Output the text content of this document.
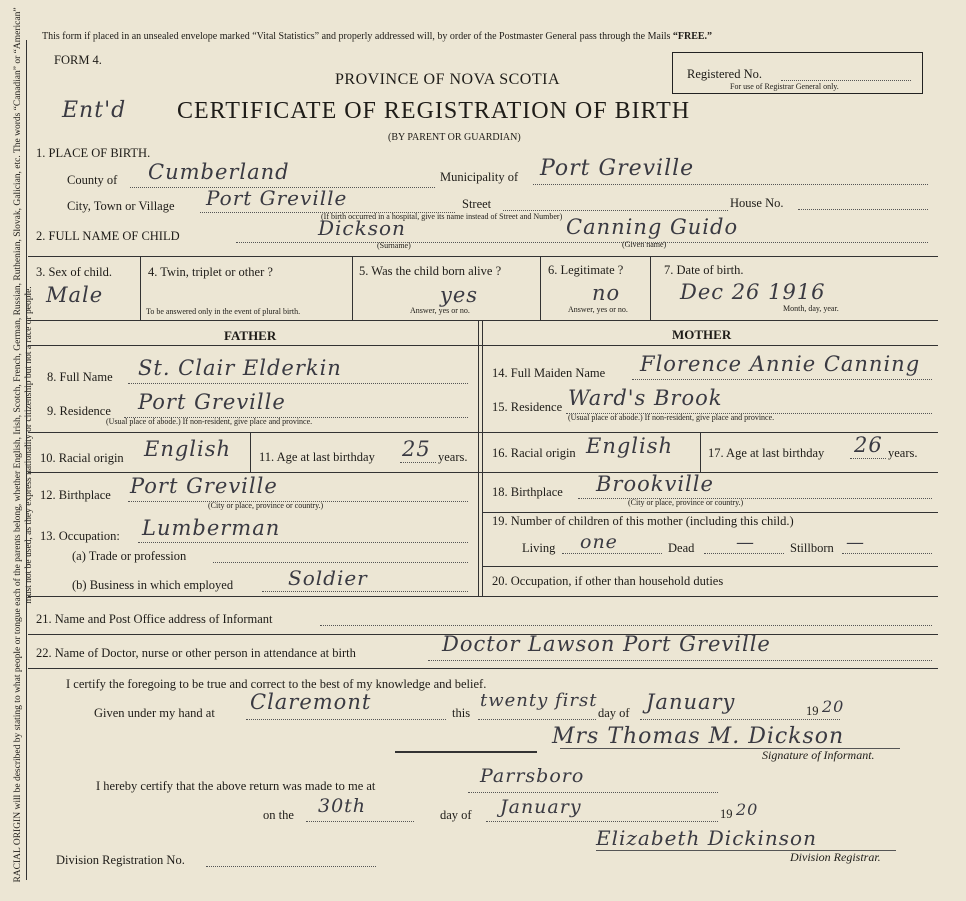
RACIAL ORIGIN will be described by stating to what people or tongue each of the parents belong, whether English, Irish, Scotch, French, German, Russian, Ruthenian, Slovak, Galician, etc. The words “Canadian” or “American” must not be used, as they express nationality or citizenship but not a race or people.
This form if placed in an unsealed envelope marked “Vital Statistics” and properly addressed will, by order of the Postmaster General pass through the Mails “FREE.”
FORM 4.
PROVINCE OF NOVA SCOTIA
Ent'd CERTIFICATE OF REGISTRATION OF BIRTH
(BY PARENT OR GUARDIAN)
Registered No.
For use of Registrar General only.
1. PLACE OF BIRTH.
County of Cumberland	Municipality of Port Greville
City, Town or Village Port Greville	Street	House No.
(If birth occurred in a hospital, give its name instead of Street and Number)
2. FULL NAME OF CHILD	Dickson	Canning Guido
(Surname)	(Given name)
3. Sex of child.
Male
4. Twin, triplet or other ?
To be answered only in the event of plural birth.
5. Was the child born alive ?
yes
Answer, yes or no.
6. Legitimate ?
no
Answer, yes or no.
7. Date of birth.
Dec 26 1916
Month, day, year.
FATHER	MOTHER
8. Full Name St. Clair Elderkin
9. Residence Port Greville
(Usual place of abode.) If non-resident, give place and province.
10. Racial origin English 11. Age at last birthday 25 years.
12. Birthplace Port Greville
(City or place, province or country.)
13. Occupation: Lumberman
(a) Trade or profession
(b) Business in which employed	Soldier
14. Full Maiden Name Florence Annie Canning
15. Residence Ward's Brook
(Usual place of abode.) If non-resident, give place and province.
16. Racial origin English	17. Age at last birthday 26 years.
18. Birthplace Brookville
(City or place, province or country.)
19. Number of children of this mother (including this child.)
Living one	Dead —	Stillborn —
20. Occupation, if other than household duties
21. Name and Post Office address of Informant
22. Name of Doctor, nurse or other person in attendance at birth	Doctor Lawson Port Greville
I certify the foregoing to be true and correct to the best of my knowledge and belief.
Given under my hand at Claremont	this
twenty first
day of January	19 20
Mrs Thomas M. Dickson
Signature of Informant.
I hereby certify that the above return was made to me at	Parrsboro
on the 30th	day of January	19 20
Elizabeth Dickinson
Division Registrar.
Division Registration No.
